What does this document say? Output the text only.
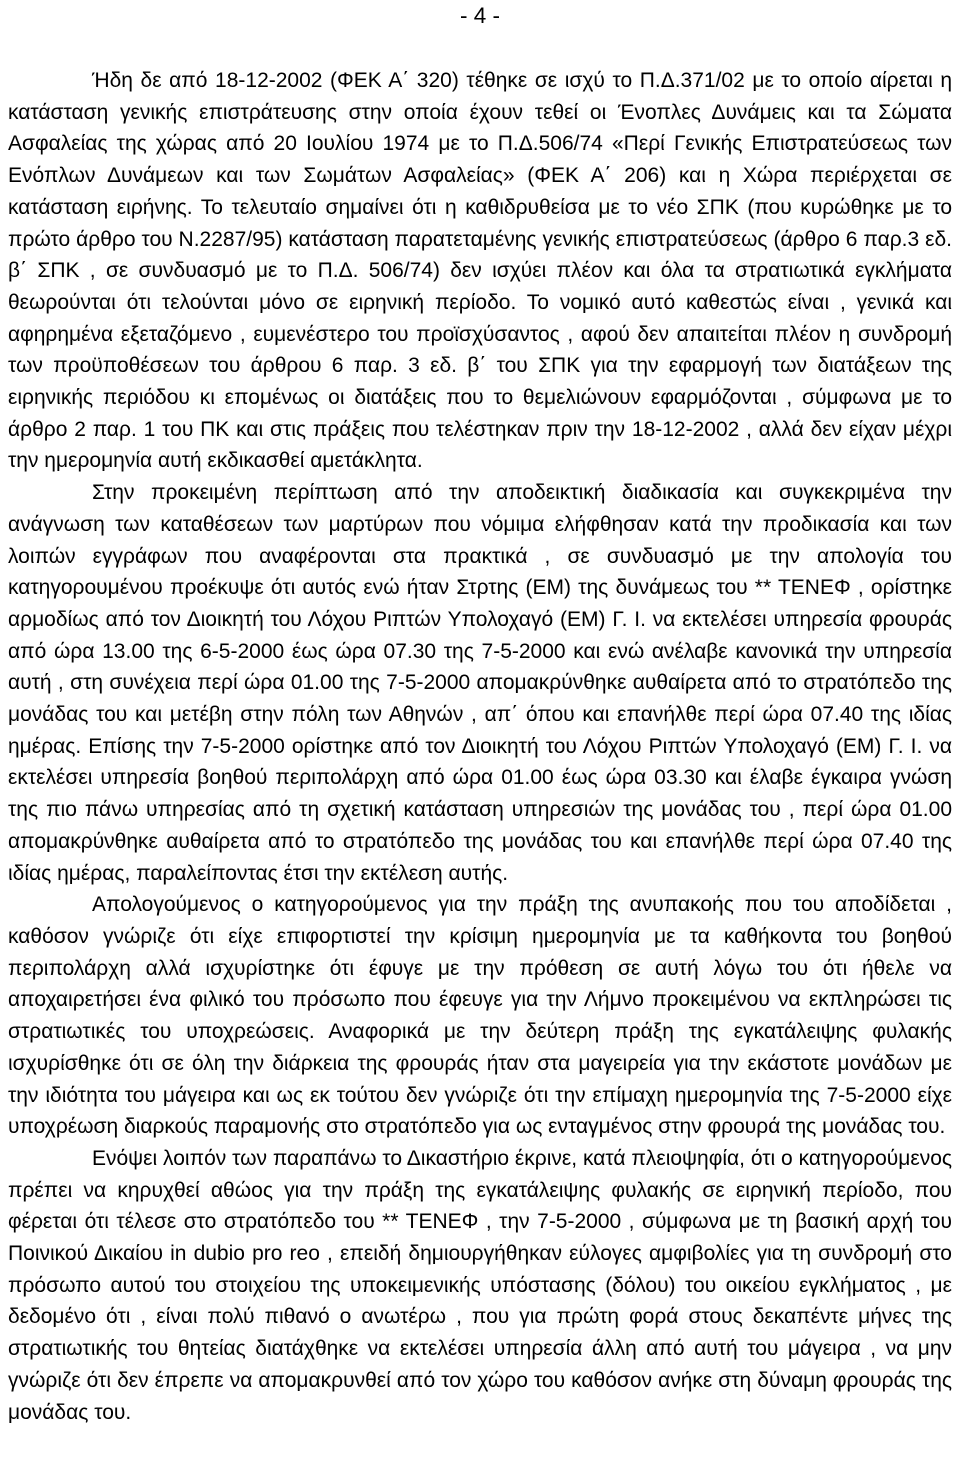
- 4 -

Ήδη δε από 18-12-2002 (ΦΕΚ Α΄ 320) τέθηκε σε ισχύ το Π.Δ.371/02 με το οποίο αίρεται η κατάσταση γενικής επιστράτευσης στην οποία έχουν τεθεί οι Ένοπλες Δυνάμεις και τα Σώματα Ασφαλείας της χώρας από 20 Ιουλίου 1974 με το Π.Δ.506/74 «Περί Γενικής Επιστρατεύσεως των Ενόπλων Δυνάμεων και των Σωμάτων Ασφαλείας» (ΦΕΚ Α΄ 206) και η Χώρα περιέρχεται σε κατάσταση ειρήνης. Το τελευταίο σημαίνει ότι η καθιδρυθείσα με το νέο ΣΠΚ (που κυρώθηκε με το πρώτο άρθρο του Ν.2287/95) κατάσταση παρατεταμένης γενικής επιστρατεύσεως (άρθρο 6 παρ.3 εδ. β΄ ΣΠΚ , σε συνδυασμό με το Π.Δ. 506/74) δεν ισχύει πλέον και όλα τα στρατιωτικά εγκλήματα θεωρούνται ότι τελούνται μόνο σε ειρηνική περίοδο. Το νομικό αυτό καθεστώς είναι , γενικά και αφηρημένα εξεταζόμενο , ευμενέστερο του προϊσχύσαντος , αφού δεν απαιτείται πλέον η συνδρομή των προϋποθέσεων του άρθρου 6 παρ. 3 εδ. β΄ του ΣΠΚ για την εφαρμογή των διατάξεων της ειρηνικής περιόδου κι επομένως οι διατάξεις που το θεμελιώνουν εφαρμόζονται , σύμφωνα με το άρθρο 2 παρ. 1 του ΠΚ και στις πράξεις που τελέστηκαν πριν την 18-12-2002 , αλλά δεν είχαν μέχρι την ημερομηνία αυτή εκδικασθεί αμετάκλητα.

Στην προκειμένη περίπτωση από την αποδεικτική διαδικασία και συγκεκριμένα την ανάγνωση των καταθέσεων των μαρτύρων που νόμιμα ελήφθησαν κατά την προδικασία και των λοιπών εγγράφων που αναφέρονται στα πρακτικά , σε συνδυασμό με την απολογία του κατηγορουμένου προέκυψε ότι αυτός ενώ ήταν Στρτης (ΕΜ) της δυνάμεως του ** ΤΕΝΕΦ , ορίστηκε αρμοδίως από τον Διοικητή του Λόχου Ριπτών Υπολοχαγό (ΕΜ) Γ. Ι. να εκτελέσει υπηρεσία φρουράς από ώρα 13.00 της 6-5-2000 έως ώρα 07.30 της 7-5-2000 και ενώ ανέλαβε κανονικά την υπηρεσία αυτή , στη συνέχεια περί ώρα 01.00 της 7-5-2000 απομακρύνθηκε αυθαίρετα από το στρατόπεδο της μονάδας του και μετέβη στην πόλη των Αθηνών , απ΄ όπου και επανήλθε περί ώρα 07.40 της ιδίας ημέρας. Επίσης την 7-5-2000 ορίστηκε από τον Διοικητή του Λόχου Ριπτών Υπολοχαγό (ΕΜ) Γ. Ι. να εκτελέσει υπηρεσία βοηθού περιπολάρχη από ώρα 01.00 έως ώρα 03.30 και έλαβε έγκαιρα γνώση της πιο πάνω υπηρεσίας από τη σχετική κατάσταση υπηρεσιών της μονάδας του , περί ώρα 01.00 απομακρύνθηκε αυθαίρετα από το στρατόπεδο της μονάδας του και επανήλθε περί ώρα 07.40 της ιδίας ημέρας, παραλείποντας έτσι την εκτέλεση αυτής.

Απολογούμενος ο κατηγορούμενος για την πράξη της ανυπακοής που του αποδίδεται , καθόσον γνώριζε ότι είχε επιφορτιστεί την κρίσιμη ημερομηνία με τα καθήκοντα του βοηθού περιπολάρχη αλλά ισχυρίστηκε ότι έφυγε με την πρόθεση σε αυτή λόγω του ότι ήθελε να αποχαιρετήσει ένα φιλικό του πρόσωπο που έφευγε για την Λήμνο προκειμένου να εκπληρώσει τις στρατιωτικές του υποχρεώσεις. Αναφορικά με την δεύτερη πράξη της εγκατάλειψης φυλακής ισχυρίσθηκε ότι σε όλη την διάρκεια της φρουράς ήταν στα μαγειρεία για την εκάστοτε μονάδων με την ιδιότητα του μάγειρα και ως εκ τούτου δεν γνώριζε ότι την επίμαχη ημερομηνία της 7-5-2000 είχε υποχρέωση διαρκούς παραμονής στο στρατόπεδο για ως ενταγμένος στην φρουρά της μονάδας του.

Ενόψει λοιπόν των παραπάνω το Δικαστήριο έκρινε, κατά πλειοψηφία, ότι ο κατηγορούμενος πρέπει να κηρυχθεί αθώος για την πράξη της εγκατάλειψης φυλακής σε ειρηνική περίοδο, που φέρεται ότι τέλεσε στο στρατόπεδο του ** ΤΕΝΕΦ , την 7-5-2000 , σύμφωνα με τη βασική αρχή του Ποινικού Δικαίου in dubio pro reo , επειδή δημιουργήθηκαν εύλογες αμφιβολίες για τη συνδρομή στο πρόσωπο αυτού του στοιχείου της υποκειμενικής υπόστασης (δόλου) του οικείου εγκλήματος , με δεδομένο ότι , είναι πολύ πιθανό ο ανωτέρω , που για πρώτη φορά στους δεκαπέντε μήνες της στρατιωτικής του θητείας διατάχθηκε να εκτελέσει υπηρεσία άλλη από αυτή του μάγειρα , να μην γνώριζε ότι δεν έπρεπε να απομακρυνθεί από τον χώρο του καθόσον ανήκε στη δύναμη φρουράς της μονάδας του.
